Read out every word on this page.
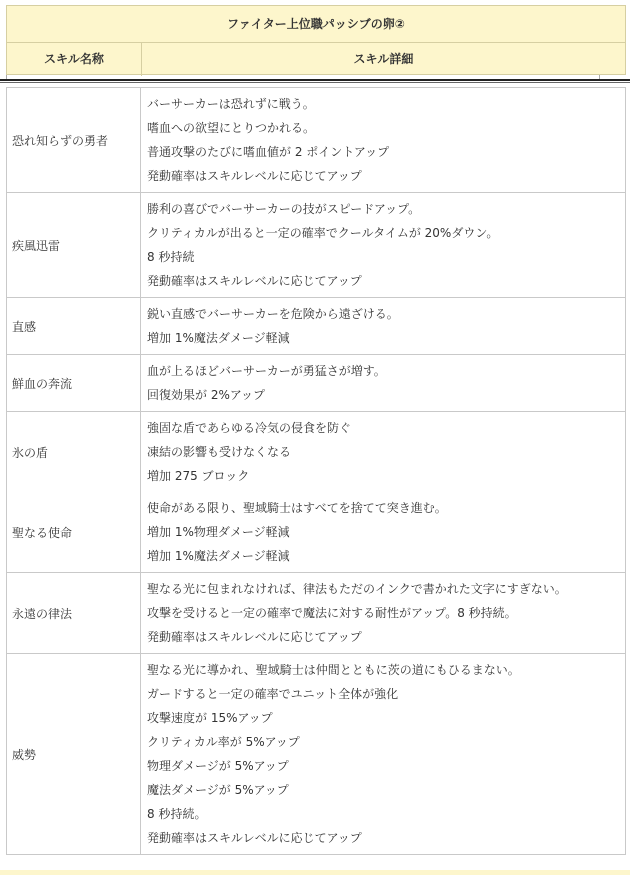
ファイター上位職パッシブの卵②
スキル名称	スキル詳細
恐れ知らずの勇者
バーサーカーは恐れずに戦う。
嗜血への欲望にとりつかれる。
普通攻撃のたびに嗜血値が 2 ポイントアップ
発動確率はスキルレベルに応じてアップ
疾風迅雷
勝利の喜びでバーサーカーの技がスピードアップ。
クリティカルが出ると一定の確率でクールタイムが 20%ダウン。
8 秒持続
発動確率はスキルレベルに応じてアップ
直感
鋭い直感でバーサーカーを危険から遠ざける。
増加 1%魔法ダメージ軽減
鮮血の奔流
血が上るほどバーサーカーが勇猛さが増す。
回復効果が 2%アップ
氷の盾
強固な盾であらゆる冷気の侵食を防ぐ
凍結の影響も受けなくなる
増加 275 ブロック
聖なる使命
使命がある限り、聖域騎士はすべてを捨てて突き進む。
増加 1%物理ダメージ軽減
増加 1%魔法ダメージ軽減
永遠の律法
聖なる光に包まれなければ、律法もただのインクで書かれた文字にすぎない。
攻撃を受けると一定の確率で魔法に対する耐性がアップ。8 秒持続。
発動確率はスキルレベルに応じてアップ
威勢
聖なる光に導かれ、聖域騎士は仲間とともに茨の道にもひるまない。
ガードすると一定の確率でユニット全体が強化
攻撃速度が 15%アップ
クリティカル率が 5%アップ
物理ダメージが 5%アップ
魔法ダメージが 5%アップ
8 秒持続。
発動確率はスキルレベルに応じてアップ
